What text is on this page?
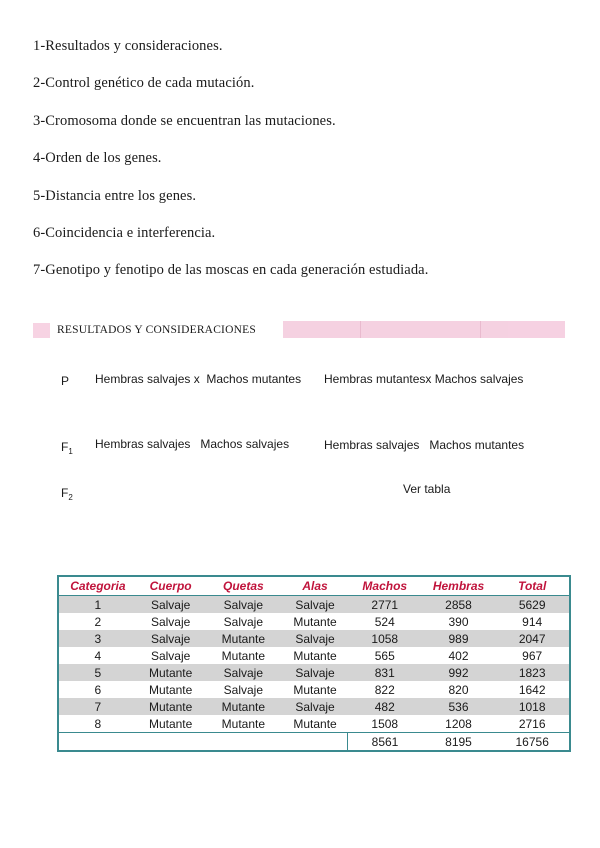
1-Resultados y consideraciones.
2-Control genético de cada mutación.
3-Cromosoma donde se encuentran las mutaciones.
4-Orden de los genes.
5-Distancia entre los genes.
6-Coincidencia e interferencia.
7-Genotipo y fenotipo de las moscas en cada generación estudiada.
RESULTADOS Y CONSIDERACIONES
P Hembras salvajes x  Machos mutantes Hembras mutantesx Machos salvajes
$F_1$
Hembras salvajes   Machos salvajes	Hembras salvajes   Machos mutantes
$F_2$
Ver tabla
Categoria	Cuerpo	Quetas	Alas	Machos	Hembras	Total
1	Salvaje	Salvaje	Salvaje	2771	2858	5629
2	Salvaje	Salvaje	Mutante	524	390	914
3	Salvaje	Mutante	Salvaje	1058	989	2047
4	Salvaje	Mutante	Mutante	565	402	967
5	Mutante	Salvaje	Salvaje	831	992	1823
6	Mutante	Salvaje	Mutante	822	820	1642
7	Mutante	Mutante	Salvaje	482	536	1018
8	Mutante	Mutante	Mutante	1508	1208	2716
				8561	8195	16756
